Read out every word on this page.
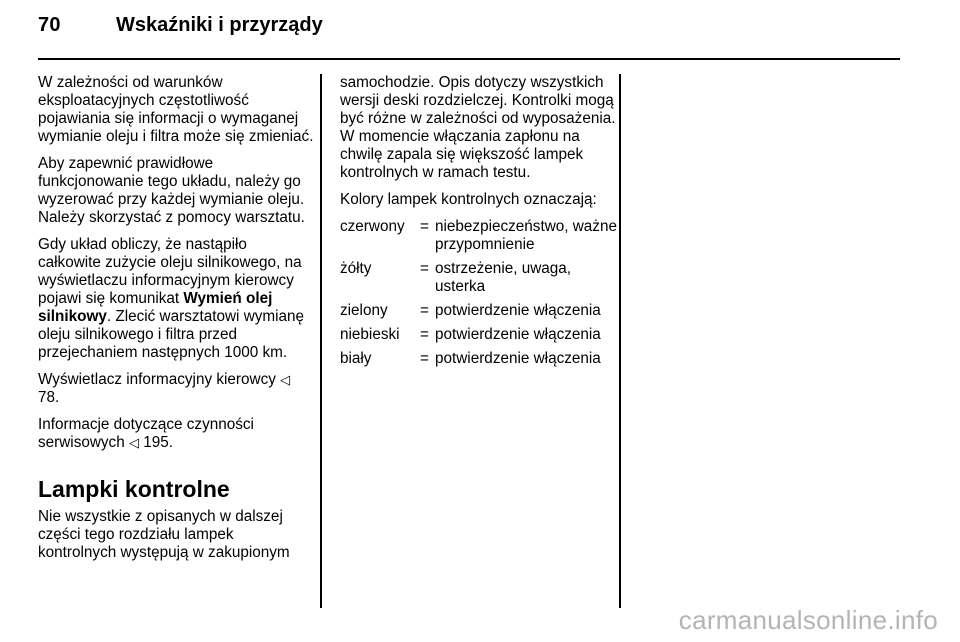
70	Wskaźniki i przyrządy

W zależności od warunków eksploatacyjnych częstotliwość pojawiania się informacji o wymaganej wymianie oleju i filtra może się zmieniać.

Aby zapewnić prawidłowe funkcjonowanie tego układu, należy go wyzerować przy każdej wymianie oleju. Należy skorzystać z pomocy warsztatu.

Gdy układ obliczy, że nastąpiło całkowite zużycie oleju silnikowego, na wyświetlaczu informacyjnym kierowcy pojawi się komunikat Wymień olej silnikowy. Zlecić warsztatowi wymianę oleju silnikowego i filtra przed przejechaniem następnych 1000 km.

Wyświetlacz informacyjny kierowcy ◁ 78.

Informacje dotyczące czynności serwisowych ◁ 195.

Lampki kontrolne

Nie wszystkie z opisanych w dalszej części tego rozdziału lampek kontrolnych występują w zakupionym

samochodzie. Opis dotyczy wszystkich wersji deski rozdzielczej. Kontrolki mogą być różne w zależności od wyposażenia. W momencie włączania zapłonu na chwilę zapala się większość lampek kontrolnych w ramach testu.

Kolory lampek kontrolnych oznaczają:

czerwony	=	niebezpieczeństwo, ważne przypomnienie
żółty	=	ostrzeżenie, uwaga, usterka
zielony	=	potwierdzenie włączenia
niebieski	=	potwierdzenie włączenia
biały	=	potwierdzenie włączenia
carmanualsonline.info
